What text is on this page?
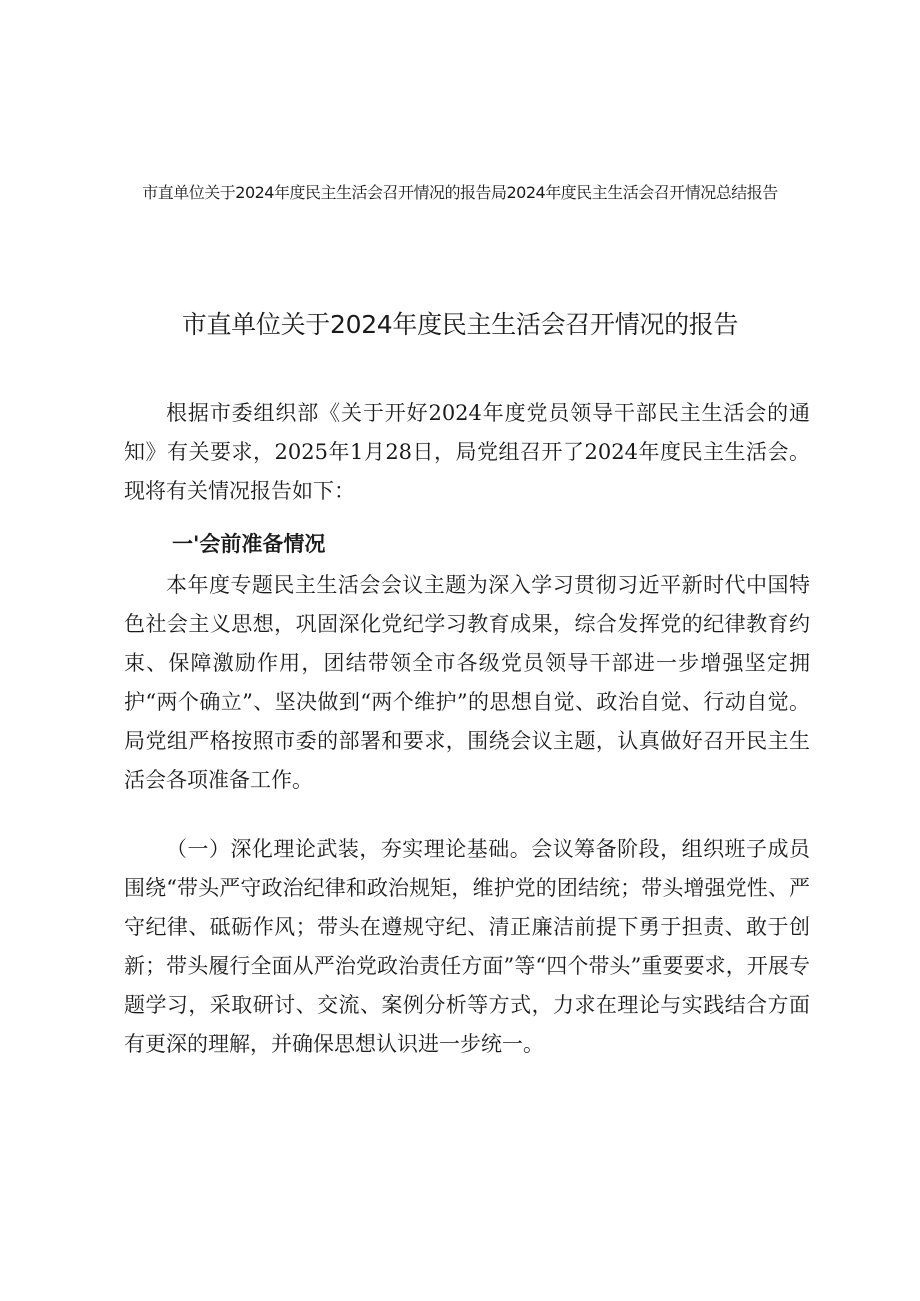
市直单位关于2024年度民主生活会召开情况的报告局2024年度民主生活会召开情况总结报告
市直单位关于2024年度民主生活会召开情况的报告

根据市委组织部《关于开好2024年度党员领导干部民主生活会的通知》有关要求，2025年1月28日，局党组召开了2024年度民主生活会。现将有关情况报告如下：

一'会前准备情况

本年度专题民主生活会会议主题为深入学习贯彻习近平新时代中国特色社会主义思想，巩固深化党纪学习教育成果，综合发挥党的纪律教育约束、保障激励作用，团结带领全市各级党员领导干部进一步增强坚定拥护“两个确立”、坚决做到“两个维护”的思想自觉、政治自觉、行动自觉。局党组严格按照市委的部署和要求，围绕会议主题，认真做好召开民主生活会各项准备工作。

（一）深化理论武装，夯实理论基础。会议筹备阶段，组织班子成员围绕“带头严守政治纪律和政治规矩，维护党的团结统；带头增强党性、严守纪律、砥砺作风；带头在遵规守纪、清正廉洁前提下勇于担责、敢于创新；带头履行全面从严治党政治责任方面”等“四个带头”重要要求，开展专题学习，采取研讨、交流、案例分析等方式，力求在理论与实践结合方面有更深的理解，并确保思想认识进一步统一。
